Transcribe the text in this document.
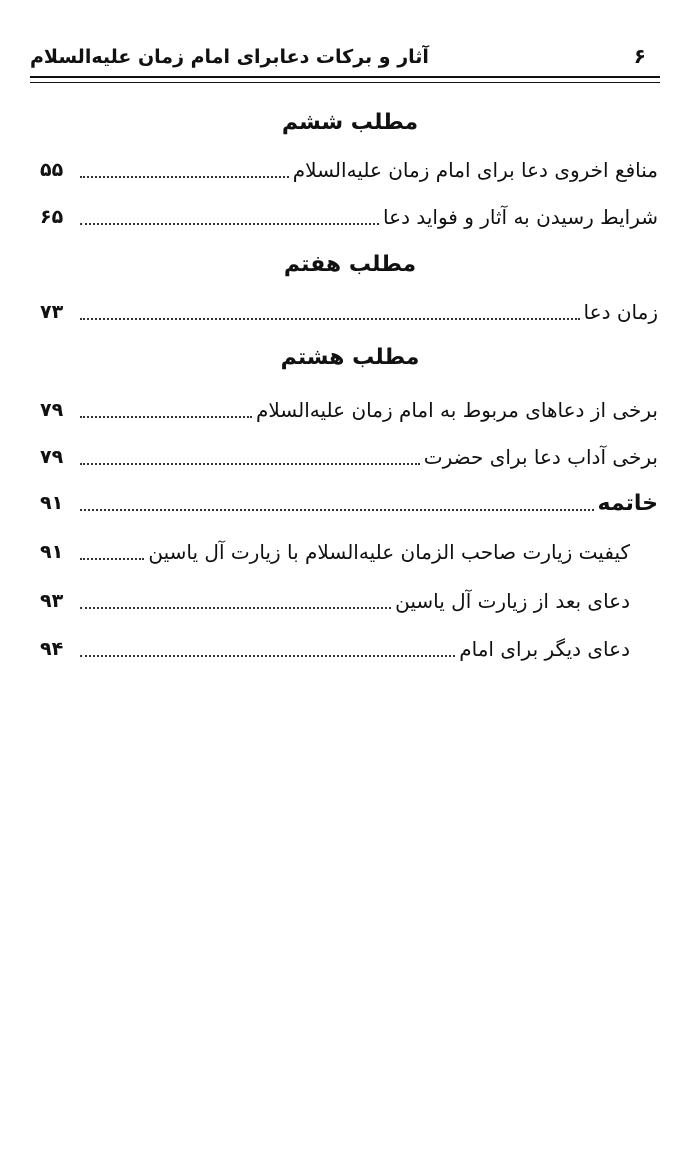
۶
آثار و برکات دعابرای امام زمان علیه‌السلام
مطلب ششم
منافع اخروی دعا برای امام زمان علیه‌السلام
۵۵
شرایط رسیدن به آثار و فواید دعا
۶۵
مطلب هفتم
زمان دعا
۷۳
مطلب هشتم
برخی از دعاهای مربوط به امام زمان علیه‌السلام
۷۹
برخی آداب دعا برای حضرت
۷۹
خاتمه
۹۱
کیفیت زیارت صاحب الزمان علیه‌السلام با زیارت آل یاسین
۹۱
دعای بعد از زیارت آل یاسین
۹۳
دعای دیگر برای امام
۹۴
